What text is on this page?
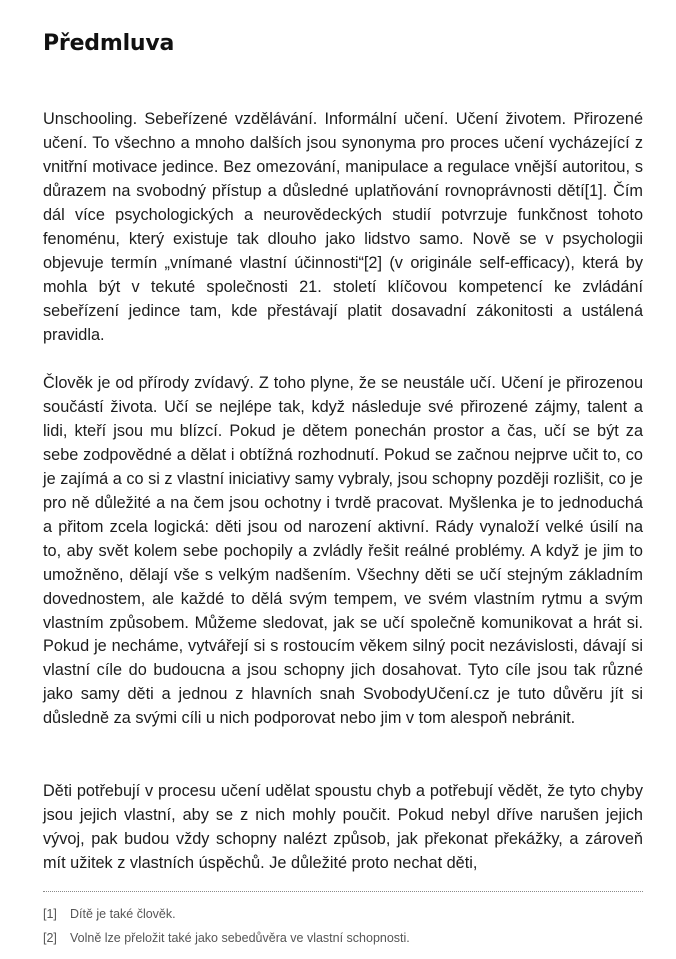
Předmluva

Unschooling. Sebeřízené vzdělávání. Informální učení. Učení životem. Přirozené učení. To všechno a mnoho dalších jsou synonyma pro proces učení vycházející z vnitřní motivace jedince. Bez omezování, manipulace a regulace vnější autoritou, s důrazem na svobodný přístup a důsledné uplatňování rovnoprávnosti dětí[1]. Čím dál více psychologických a neurovědeckých studií potvrzuje funkčnost tohoto fenoménu, který existuje tak dlouho jako lidstvo samo. Nově se v psychologii objevuje termín „vnímané vlastní účinnosti“[2] (v originále self-efficacy), která by mohla být v tekuté společnosti 21. století klíčovou kompetencí ke zvládání sebeřízení jedince tam, kde přestávají platit dosavadní zákonitosti a ustálená pravidla.

Člověk je od přírody zvídavý. Z toho plyne, že se neustále učí. Učení je přirozenou součástí života. Učí se nejlépe tak, když následuje své přirozené zájmy, talent a lidi, kteří jsou mu blízcí. Pokud je dětem ponechán prostor a čas, učí se být za sebe zodpovědné a dělat i obtížná rozhodnutí. Pokud se začnou nejprve učit to, co je zajímá a co si z vlastní iniciativy samy vybraly, jsou schopny později rozlišit, co je pro ně důležité a na čem jsou ochotny i tvrdě pracovat. Myšlenka je to jednoduchá a přitom zcela logická: děti jsou od narození aktivní. Rády vynaloží velké úsilí na to, aby svět kolem sebe pochopily a zvládly řešit reálné problémy. A když je jim to umožněno, dělají vše s velkým nadšením. Všechny děti se učí stejným základním dovednostem, ale každé to dělá svým tempem, ve svém vlastním rytmu a svým vlastním způsobem. Můžeme sledovat, jak se učí společně komunikovat a hrát si. Pokud je necháme, vytvářejí si s rostoucím věkem silný pocit nezávislosti, dávají si vlastní cíle do budoucna a jsou schopny jich dosahovat. Tyto cíle jsou tak různé jako samy děti a jednou z hlavních snah SvobodyUčení.cz je tuto důvěru jít si důsledně za svými cíli u nich podporovat nebo jim v tom alespoň nebránit.

Děti potřebují v procesu učení udělat spoustu chyb a potřebují vědět, že tyto chyby jsou jejich vlastní, aby se z nich mohly poučit. Pokud nebyl dříve narušen jejich vývoj, pak budou vždy schopny nalézt způsob, jak překonat překážky, a zároveň mít užitek z vlastních úspěchů. Je důležité proto nechat děti,

[1]	Dítě je také člověk.
[2]	Volně lze přeložit také jako sebedůvěra ve vlastní schopnosti.
